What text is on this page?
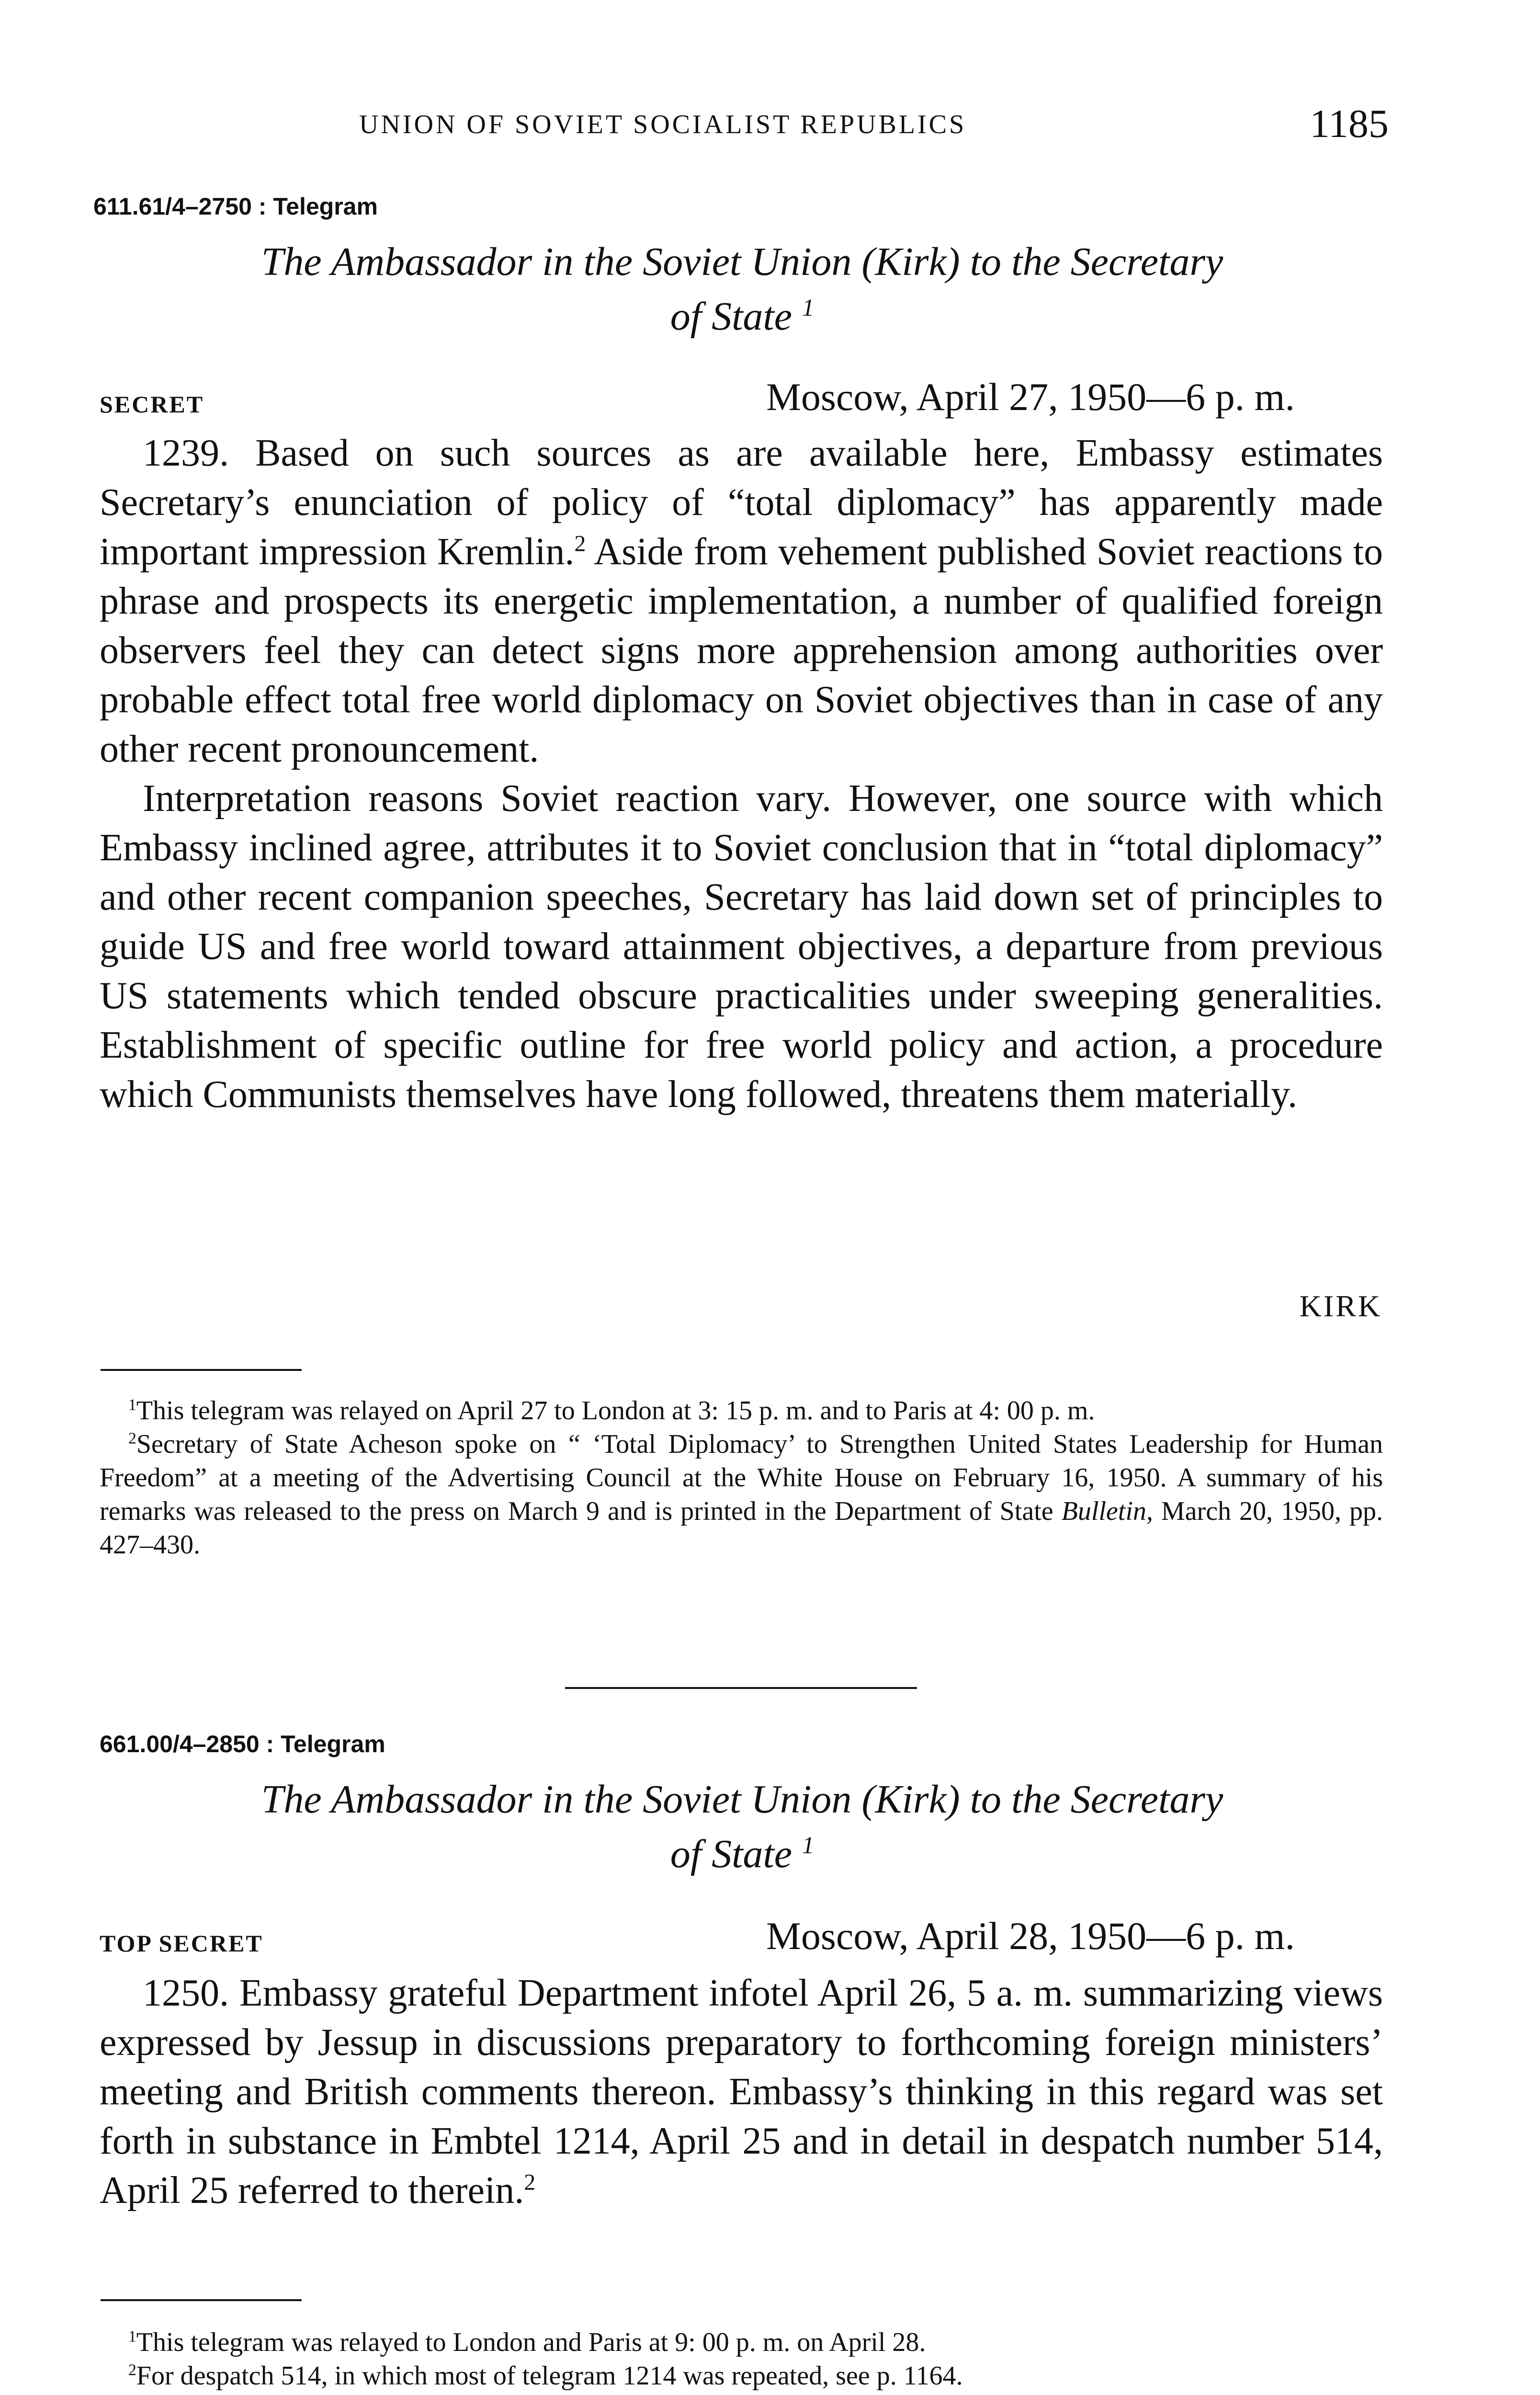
UNION OF SOVIET SOCIALIST REPUBLICS	1185
611.61/4–2750 : Telegram
The Ambassador in the Soviet Union (Kirk) to the Secretary
of State $^1$
SECRET	Moscow, April 27, 1950—6 p. m.

1239. Based on such sources as are available here, Embassy estimates Secretary’s enunciation of policy of “total diplomacy” has apparently made important impression Kremlin.$^2$ Aside from vehement published Soviet reactions to phrase and prospects its energetic implementation, a number of qualified foreign observers feel they can detect signs more apprehension among authorities over probable effect total free world diplomacy on Soviet objectives than in case of any other recent pronouncement.

Interpretation reasons Soviet reaction vary. However, one source with which Embassy inclined agree, attributes it to Soviet conclusion that in “total diplomacy” and other recent companion speeches, Secretary has laid down set of principles to guide US and free world toward attainment objectives, a departure from previous US statements which tended obscure practicalities under sweeping generalities. Establishment of specific outline for free world policy and action, a procedure which Communists themselves have long followed, threatens them materially.

KIRK

$^1$This telegram was relayed on April 27 to London at 3: 15 p. m. and to Paris at 4: 00 p. m.

$^2$Secretary of State Acheson spoke on “ ‘Total Diplomacy’ to Strengthen United States Leadership for Human Freedom” at a meeting of the Advertising Council at the White House on February 16, 1950. A summary of his remarks was released to the press on March 9 and is printed in the Department of State Bulletin, March 20, 1950, pp. 427–430.

661.00/4–2850 : Telegram
The Ambassador in the Soviet Union (Kirk) to the Secretary
of State $^1$
TOP SECRET	Moscow, April 28, 1950—6 p. m.

1250. Embassy grateful Department infotel April 26, 5 a. m. summarizing views expressed by Jessup in discussions preparatory to forthcoming foreign ministers’ meeting and British comments thereon. Embassy’s thinking in this regard was set forth in substance in Embtel 1214, April 25 and in detail in despatch number 514, April 25 referred to therein.$^2$

$^1$This telegram was relayed to London and Paris at 9: 00 p. m. on April 28.

$^2$For despatch 514, in which most of telegram 1214 was repeated, see p. 1164.
